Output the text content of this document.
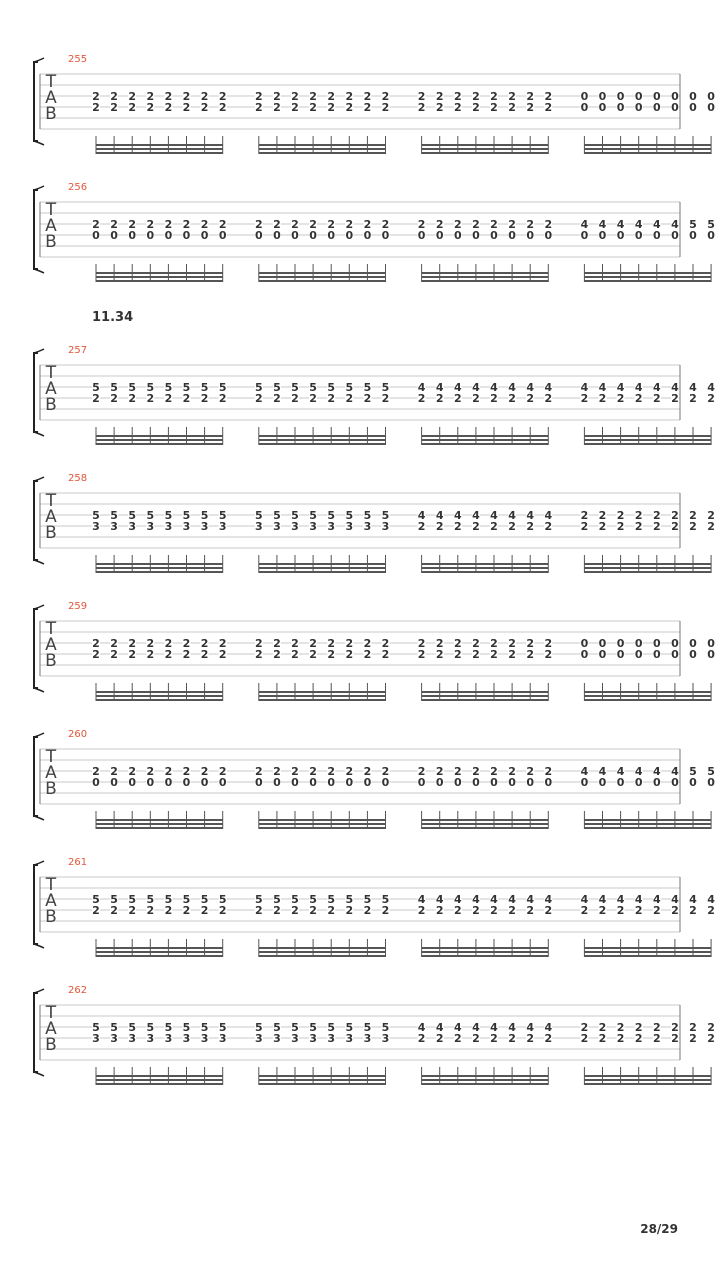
255
T
A
B
2
2
2
2
2
2
2
2
2
2
2
2
2
2
2
2
2
2
2
2
2
2
2
2
2
2
2
2
2
2
2
2
2
2
2
2
2
2
2
2
2
2
2
2
2
2
2
2
0
0
0
0
0
0
0
0
0
0
0
0
0
0
0
0
256
T
A
B
2
0
2
0
2
0
2
0
2
0
2
0
2
0
2
0
2
0
2
0
2
0
2
0
2
0
2
0
2
0
2
0
2
0
2
0
2
0
2
0
2
0
2
0
2
0
2
0
4
0
4
0
4
0
4
0
4
0
4
0
5
0
5
0
257
T
A
B
5
2
5
2
5
2
5
2
5
2
5
2
5
2
5
2
5
2
5
2
5
2
5
2
5
2
5
2
5
2
5
2
4
2
4
2
4
2
4
2
4
2
4
2
4
2
4
2
4
2
4
2
4
2
4
2
4
2
4
2
4
2
4
2
258
T
A
B
5
3
5
3
5
3
5
3
5
3
5
3
5
3
5
3
5
3
5
3
5
3
5
3
5
3
5
3
5
3
5
3
4
2
4
2
4
2
4
2
4
2
4
2
4
2
4
2
2
2
2
2
2
2
2
2
2
2
2
2
2
2
2
2
259
T
A
B
2
2
2
2
2
2
2
2
2
2
2
2
2
2
2
2
2
2
2
2
2
2
2
2
2
2
2
2
2
2
2
2
2
2
2
2
2
2
2
2
2
2
2
2
2
2
2
2
0
0
0
0
0
0
0
0
0
0
0
0
0
0
0
0
260
T
A
B
2
0
2
0
2
0
2
0
2
0
2
0
2
0
2
0
2
0
2
0
2
0
2
0
2
0
2
0
2
0
2
0
2
0
2
0
2
0
2
0
2
0
2
0
2
0
2
0
4
0
4
0
4
0
4
0
4
0
4
0
5
0
5
0
261
T
A
B
5
2
5
2
5
2
5
2
5
2
5
2
5
2
5
2
5
2
5
2
5
2
5
2
5
2
5
2
5
2
5
2
4
2
4
2
4
2
4
2
4
2
4
2
4
2
4
2
4
2
4
2
4
2
4
2
4
2
4
2
4
2
4
2
262
T
A
B
5
3
5
3
5
3
5
3
5
3
5
3
5
3
5
3
5
3
5
3
5
3
5
3
5
3
5
3
5
3
5
3
4
2
4
2
4
2
4
2
4
2
4
2
4
2
4
2
2
2
2
2
2
2
2
2
2
2
2
2
2
2
2
2
11.34
28/29
